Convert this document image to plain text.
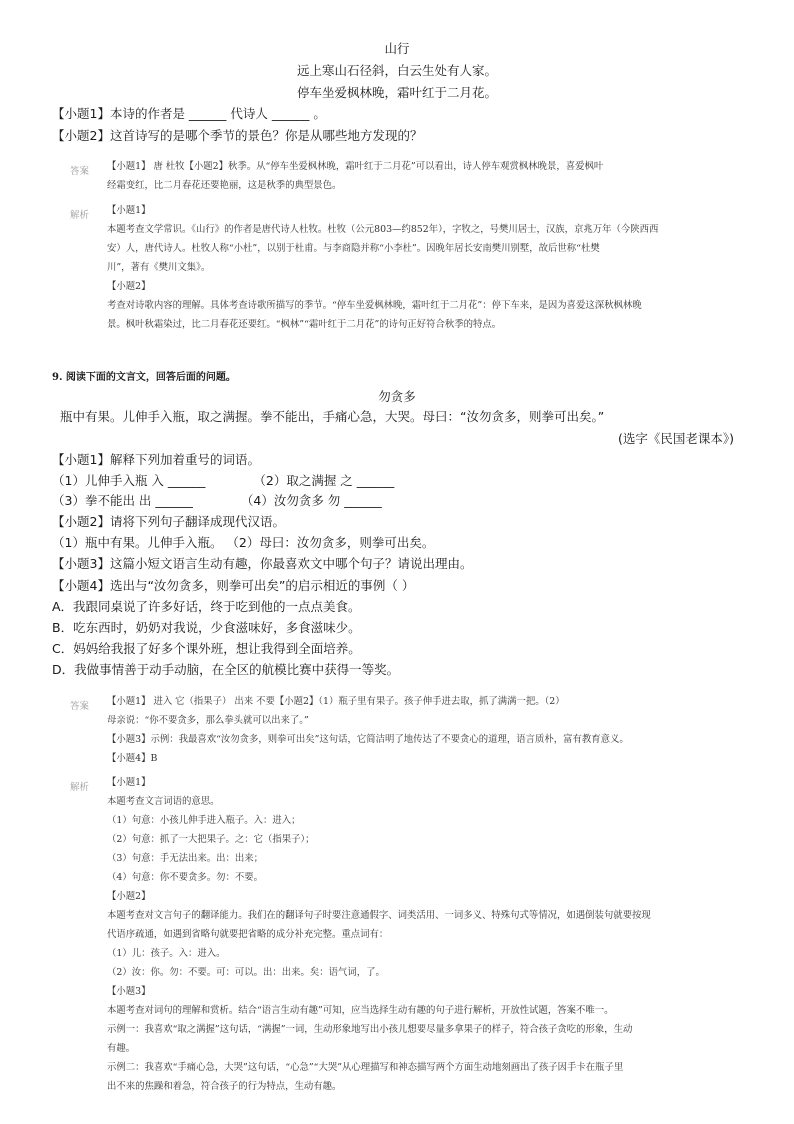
山行
远上寒山石径斜，白云生处有人家。
停车坐爱枫林晚，霜叶红于二月花。
【小题1】本诗的作者是 ______ 代诗人 ______ 。
【小题2】这首诗写的是哪个季节的景色？你是从哪些地方发现的？
答案 【小题1】 唐 杜牧【小题2】秋季。从“停车坐爱枫林晚，霜叶红于二月花”可以看出，诗人停车观赏枫林晚景，喜爱枫叶
经霜变红，比二月春花还要艳丽，这是秋季的典型景色。
解析 【小题1】
本题考查文学常识。《山行》的作者是唐代诗人杜牧。杜牧（公元803—约852年），字牧之，号樊川居士，汉族，京兆万年（今陕西西
安）人，唐代诗人。杜牧人称“小杜”，以别于杜甫。与李商隐并称“小李杜”。因晚年居长安南樊川别墅，故后世称“杜樊
川”，著有《樊川文集》。
【小题2】
考查对诗歌内容的理解。具体考查诗歌所描写的季节。“停车坐爱枫林晚，霜叶红于二月花”：停下车来，是因为喜爱这深秋枫林晚
景。枫叶秋霜染过，比二月春花还要红。“枫林”“霜叶红于二月花”的诗句正好符合秋季的特点。
9. 阅读下面的文言文，回答后面的问题。
勿贪多
瓶中有果。儿伸手入瓶，取之满握。拳不能出，手痛心急，大哭。母曰：“汝勿贪多，则拳可出矣。”
(选字《民国老课本》)
【小题1】解释下列加着重号的词语。
（1）儿伸手入瓶 入 ______	（2）取之满握 之 ______
（3）拳不能出 出 ______	（4）汝勿贪多 勿 ______
【小题2】请将下列句子翻译成现代汉语。
（1）瓶中有果。儿伸手入瓶。 （2）母曰：汝勿贪多，则拳可出矣。
【小题3】这篇小短文语言生动有趣，你最喜欢文中哪个句子？请说出理由。
【小题4】选出与“汝勿贪多，则拳可出矣”的启示相近的事例（ ）
A．我跟同桌说了许多好话，终于吃到他的一点点美食。
B．吃东西时，奶奶对我说，少食滋味好，多食滋味少。
C．妈妈给我报了好多个课外班，想让我得到全面培养。
D．我做事情善于动手动脑，在全区的航模比赛中获得一等奖。
答案 【小题1】 进入 它（指果子） 出来 不要【小题2】（1）瓶子里有果子。孩子伸手进去取，抓了满满一把。（2）
母亲说：“你不要贪多，那么拳头就可以出来了。”
【小题3】示例：我最喜欢“汝勿贪多，则拳可出矣”这句话，它简洁明了地传达了不要贪心的道理，语言质朴，富有教育意义。
【小题4】B
解析 【小题1】
本题考查文言词语的意思。
（1）句意：小孩儿伸手进入瓶子。入：进入；
（2）句意：抓了一大把果子。之：它（指果子）；
（3）句意：手无法出来。出：出来；
（4）句意：你不要贪多。勿：不要。
【小题2】
本题考查对文言句子的翻译能力。我们在的翻译句子时要注意通假字、词类活用、一词多义、特殊句式等情况，如遇倒装句就要按现
代语序疏通，如遇到省略句就要把省略的成分补充完整。重点词有：
（1）儿：孩子。入：进入。
（2）汝：你。勿：不要。可：可以。出：出来。矣：语气词，了。
【小题3】
本题考查对词句的理解和赏析。结合“语言生动有趣”可知，应当选择生动有趣的句子进行解析，开放性试题，答案不唯一。
示例一：我喜欢“取之满握”这句话，“满握”一词，生动形象地写出小孩儿想要尽量多拿果子的样子，符合孩子贪吃的形象，生动
有趣。
示例二：我喜欢“手痛心急，大哭”这句话，“心急”“大哭”从心理描写和神态描写两个方面生动地刻画出了孩子因手卡在瓶子里
出不来的焦躁和着急，符合孩子的行为特点，生动有趣。
